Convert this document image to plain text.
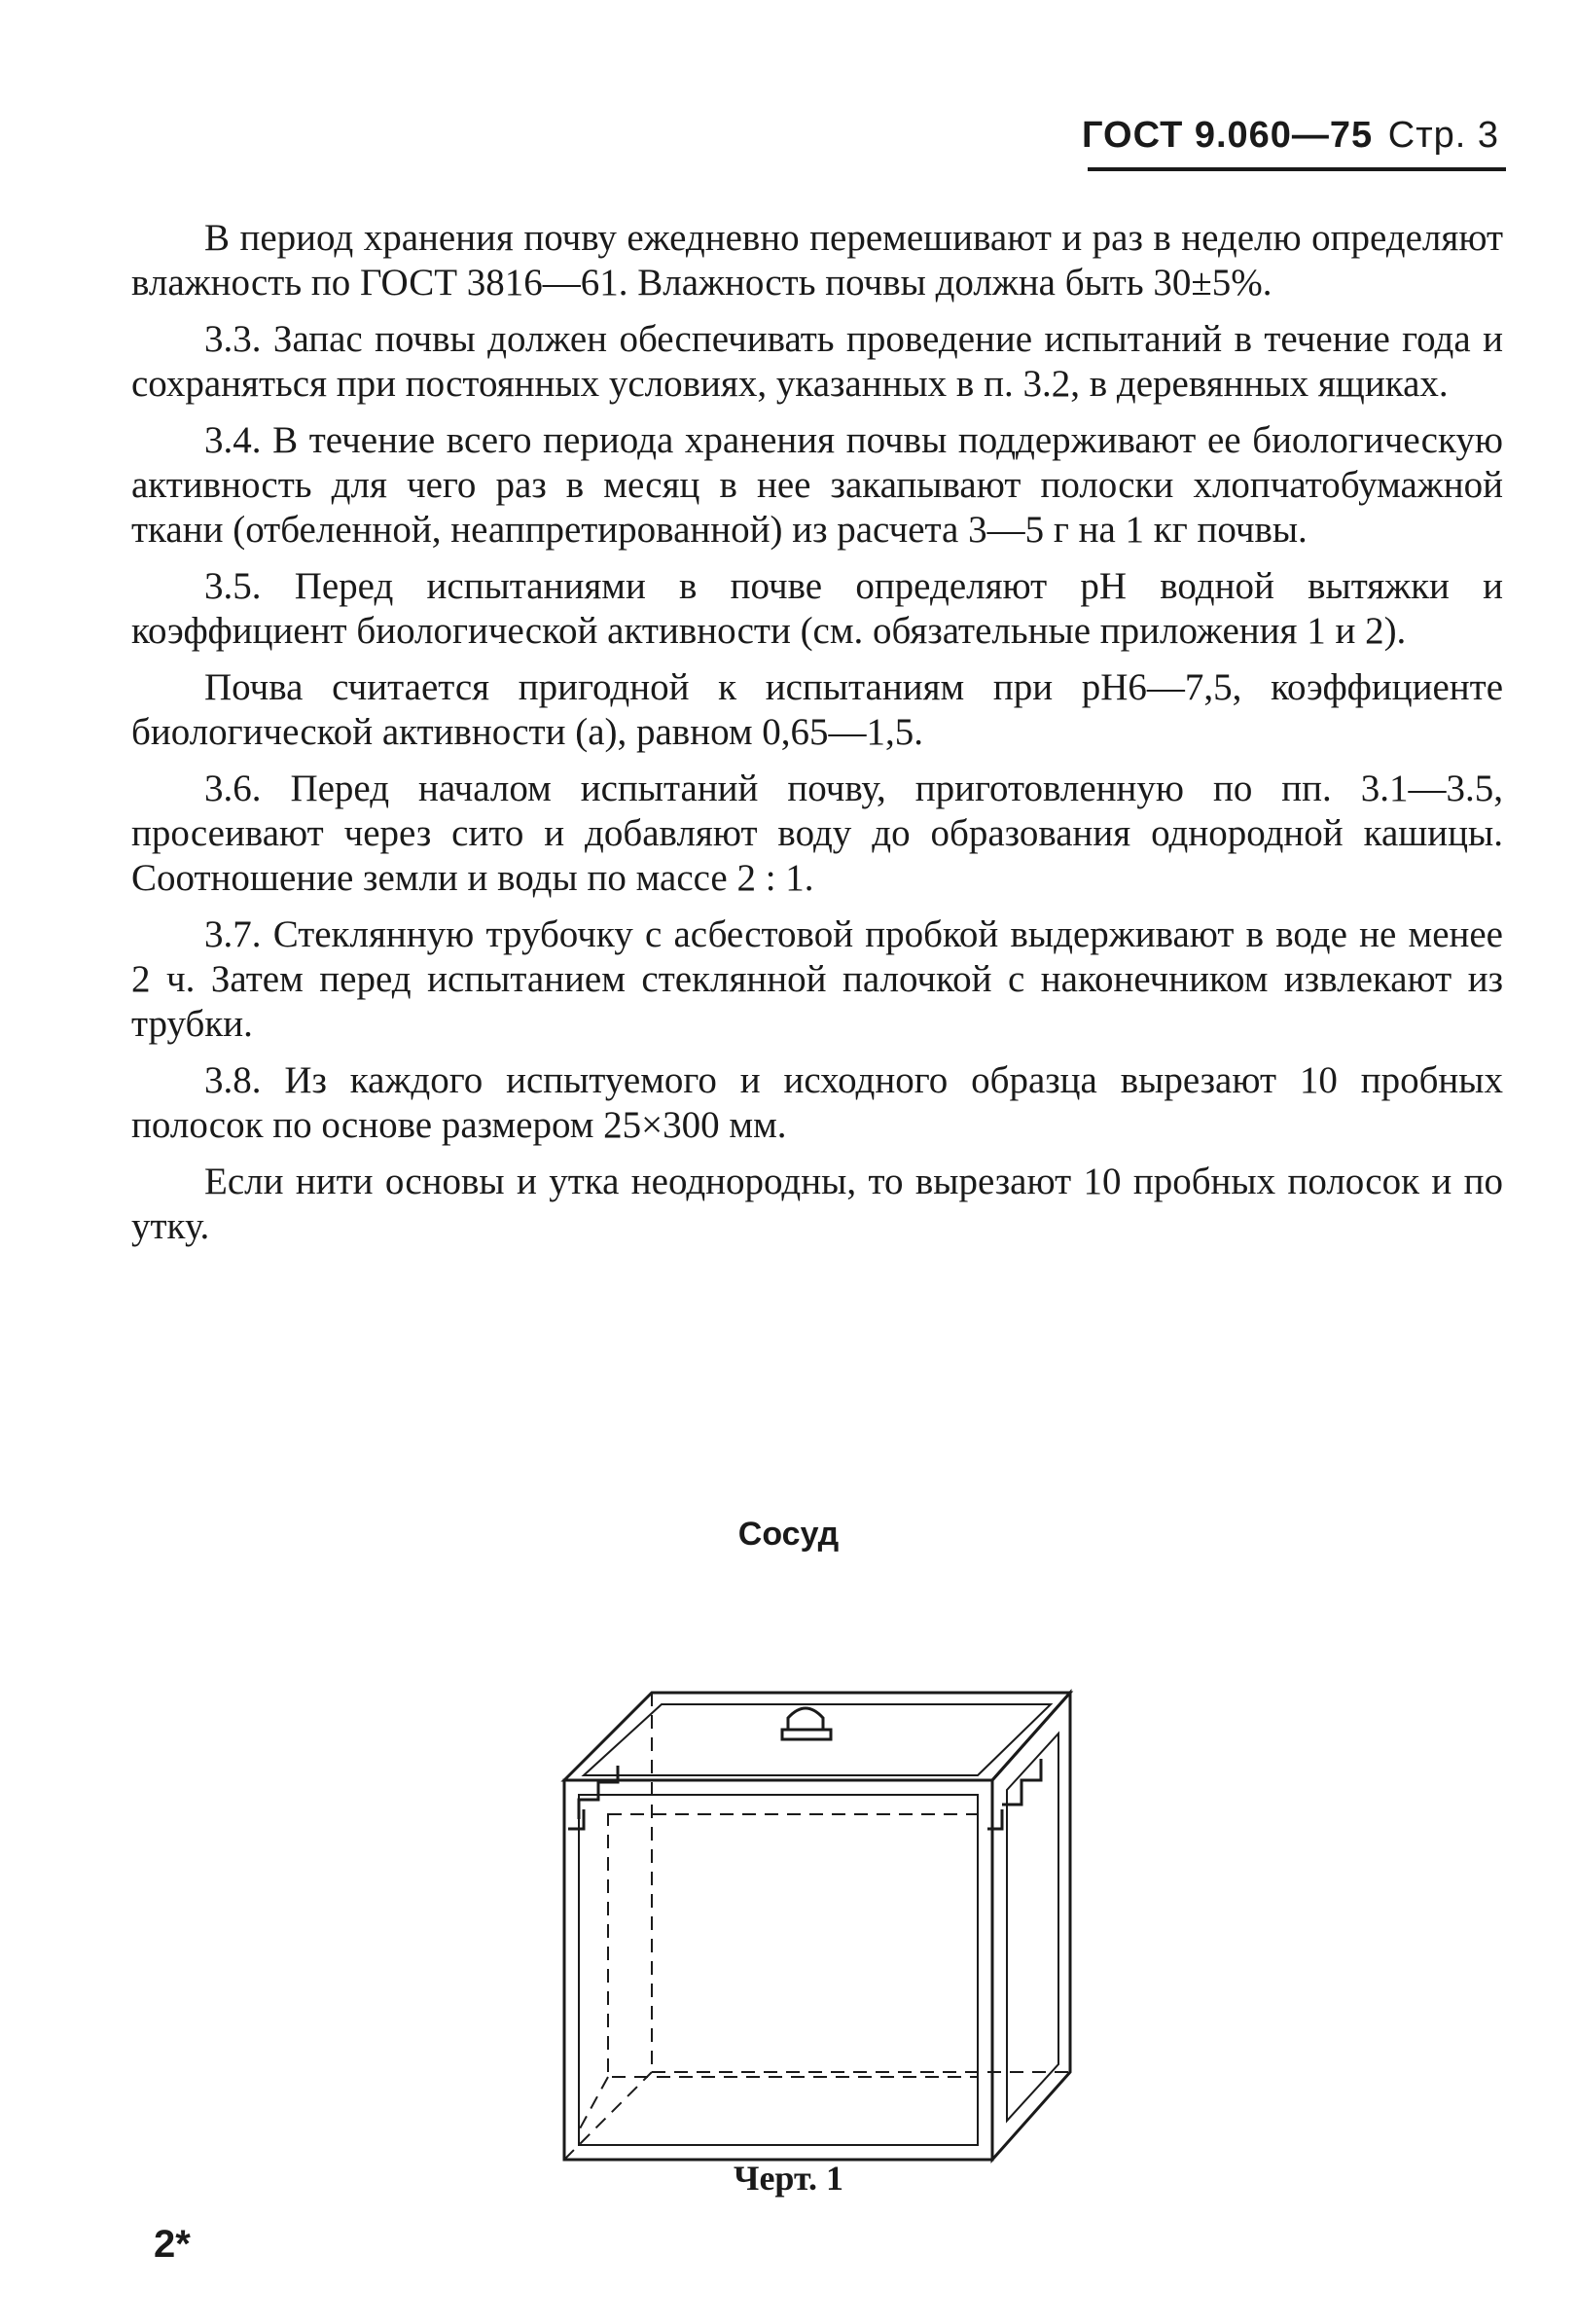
ГОСТ 9.060—75 Стр. 3

В период хранения почву ежедневно перемешивают и раз в неделю определяют влажность по ГОСТ 3816—61. Влажность почвы должна быть 30±5%.

3.3. Запас почвы должен обеспечивать проведение испытаний в течение года и сохраняться при постоянных условиях, указанных в п. 3.2, в деревянных ящиках.

3.4. В течение всего периода хранения почвы поддерживают ее биологическую активность для чего раз в месяц в нее закапывают полоски хлопчатобумажной ткани (отбеленной, неаппретированной) из расчета 3—5 г на 1 кг почвы.

3.5. Перед испытаниями в почве определяют pH водной вытяжки и коэффициент биологической активности (см. обязательные приложения 1 и 2).

Почва считается пригодной к испытаниям при pH6—7,5, коэффициенте биологической активности (a), равном 0,65—1,5.

3.6. Перед началом испытаний почву, приготовленную по пп. 3.1—3.5, просеивают через сито и добавляют воду до образования однородной кашицы. Соотношение земли и воды по массе 2 : 1.

3.7. Стеклянную трубочку с асбестовой пробкой выдерживают в воде не менее 2 ч. Затем перед испытанием стеклянной палочкой с наконечником извлекают из трубки.

3.8. Из каждого испытуемого и исходного образца вырезают 10 пробных полосок по основе размером 25×300 мм.

Если нити основы и утка неоднородны, то вырезают 10 пробных полосок и по утку.

Сосуд
Черт. 1
2*
